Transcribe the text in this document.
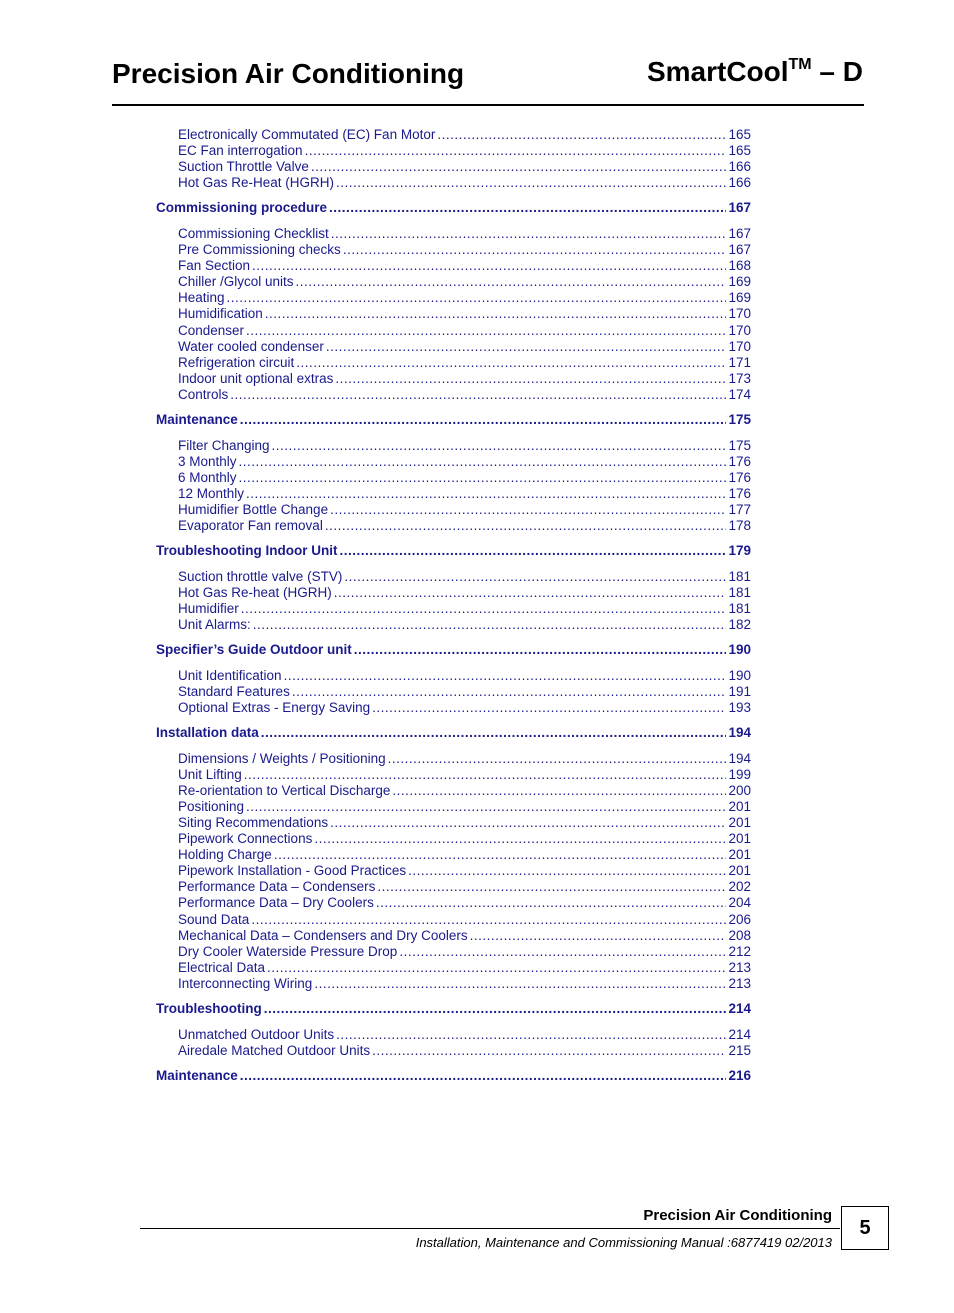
Precision Air Conditioning	SmartCool™ – D
Electronically Commutated (EC) Fan Motor .....	165
EC Fan interrogation .....	165
Suction Throttle Valve .....	166
Hot Gas Re-Heat (HGRH) .....	166
Commissioning procedure .....	167
Commissioning Checklist .....	167
Pre Commissioning checks .....	167
Fan Section .....	168
Chiller /Glycol units .....	169
Heating .....	169
Humidification .....	170
Condenser .....	170
Water cooled condenser .....	170
Refrigeration circuit .....	171
Indoor unit optional extras .....	173
Controls .....	174
Maintenance .....	175
Filter Changing .....	175
3 Monthly .....	176
6 Monthly .....	176
12 Monthly .....	176
Humidifier Bottle Change .....	177
Evaporator Fan removal .....	178
Troubleshooting Indoor Unit .....	179
Suction throttle valve (STV) .....	181
Hot Gas Re-heat (HGRH) .....	181
Humidifier .....	181
Unit Alarms: .....	182
Specifier’s Guide Outdoor unit .....	190
Unit Identification .....	190
Standard Features .....	191
Optional Extras - Energy Saving .....	193
Installation data .....	194
Dimensions / Weights / Positioning .....	194
Unit Lifting .....	199
Re-orientation to Vertical Discharge .....	200
Positioning .....	201
Siting Recommendations .....	201
Pipework Connections .....	201
Holding Charge .....	201
Pipework Installation - Good Practices .....	201
Performance Data – Condensers .....	202
Performance Data – Dry Coolers .....	204
Sound Data .....	206
Mechanical Data – Condensers and Dry Coolers .....	208
Dry Cooler Waterside Pressure Drop .....	212
Electrical Data .....	213
Interconnecting Wiring .....	213
Troubleshooting .....	214
Unmatched Outdoor Units .....	214
Airedale Matched Outdoor Units .....	215
Maintenance .....	216
Precision Air Conditioning
Installation, Maintenance and Commissioning Manual :6877419 02/2013
5
